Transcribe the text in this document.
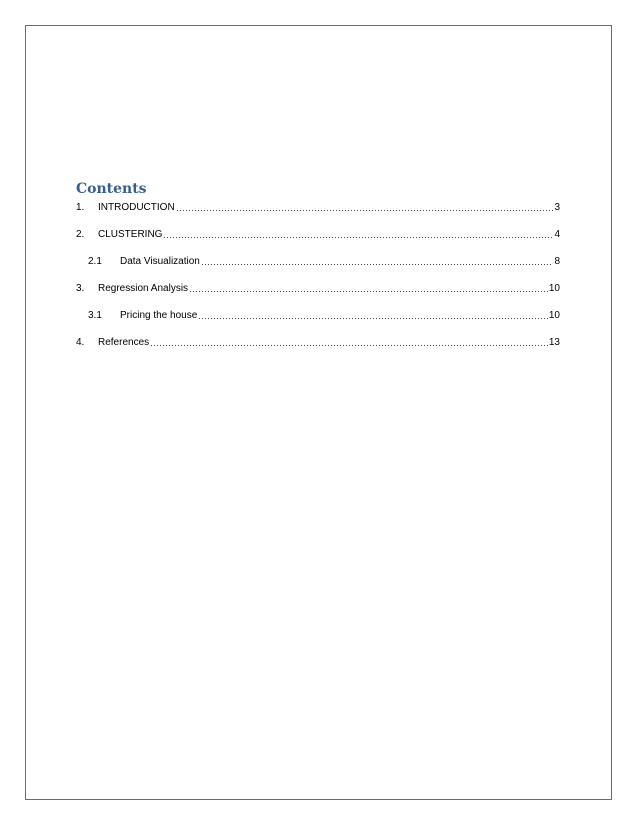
Contents
1.	INTRODUCTION	3
2.	CLUSTERING	4
2.1	Data Visualization	8
3.	Regression Analysis	10
3.1	Pricing the house	10
4.	References	13
